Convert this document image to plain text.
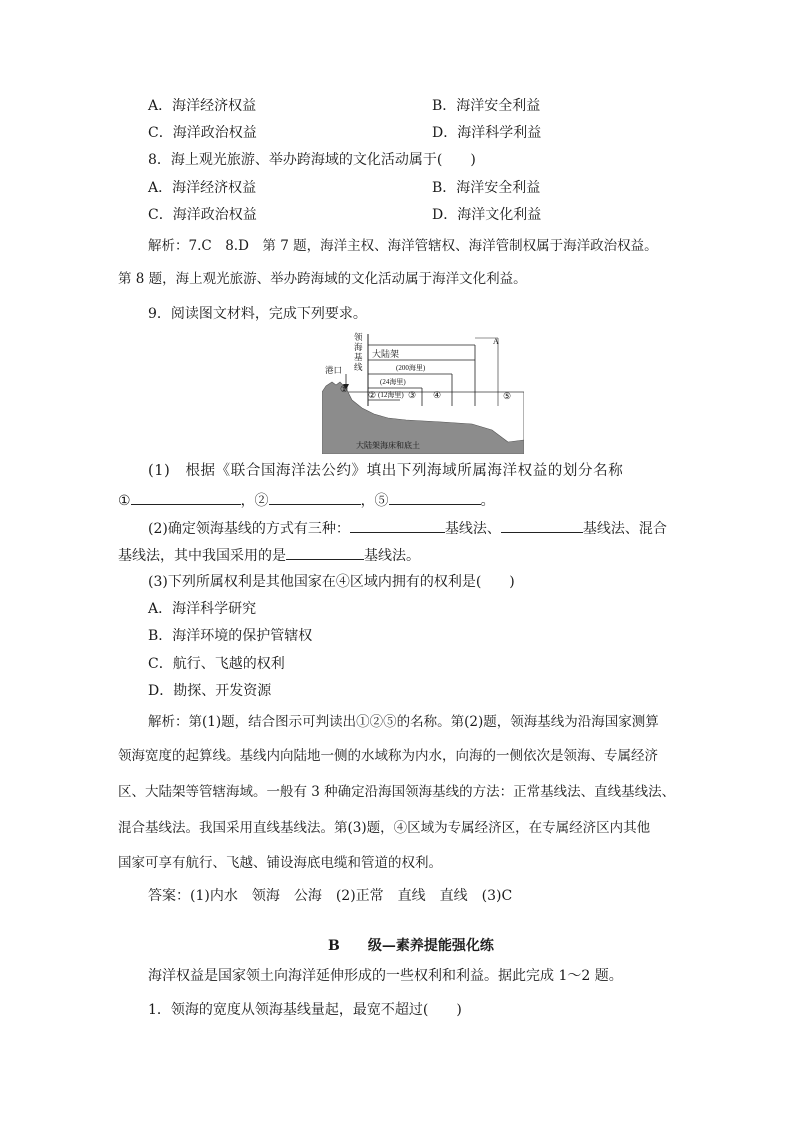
A．海洋经济权益	B．海洋安全利益
C．海洋政治权益	D．海洋科学利益
8．海上观光旅游、举办跨海域的文化活动属于(　　)
A．海洋经济权益	B．海洋安全利益
C．海洋政治权益	D．海洋文化利益
解析：7.C　8.D　第 7 题，海洋主权、海洋管辖权、海洋管制权属于海洋政治权益。
第 8 题，海上观光旅游、举办跨海域的文化活动属于海洋文化利益。
9．阅读图文材料，完成下列要求。
领
海
基
线
港口
大陆架
(200海里)
(24海里)
①
② (12海里) ③ ④	⑤
A
大陆架海床和底土
(1)　根据《联合国海洋法公约》填出下列海域所属海洋权益的划分名称
①	，②	，⑤	。
(2)确定领海基线的方式有三种：	基线法、	基线法、混合
基线法，其中我国采用的是	基线法。
(3)下列所属权利是其他国家在④区域内拥有的权利是(　　)
A．海洋科学研究
B．海洋环境的保护管辖权
C．航行、飞越的权利
D．勘探、开发资源
解析：第(1)题，结合图示可判读出①②⑤的名称。第(2)题，领海基线为沿海国家测算
领海宽度的起算线。基线内向陆地一侧的水域称为内水，向海的一侧依次是领海、专属经济
区、大陆架等管辖海域。一般有 3 种确定沿海国领海基线的方法：正常基线法、直线基线法、
混合基线法。我国采用直线基线法。第(3)题，④区域为专属经济区，在专属经济区内其他
国家可享有航行、飞越、铺设海底电缆和管道的权利。
答案：(1)内水　领海　公海　(2)正常　直线　直线　(3)C
B　　级—素养提能强化练
海洋权益是国家领土向海洋延伸形成的一些权利和利益。据此完成 1～2 题。
1．领海的宽度从领海基线量起，最宽不超过(　　)
